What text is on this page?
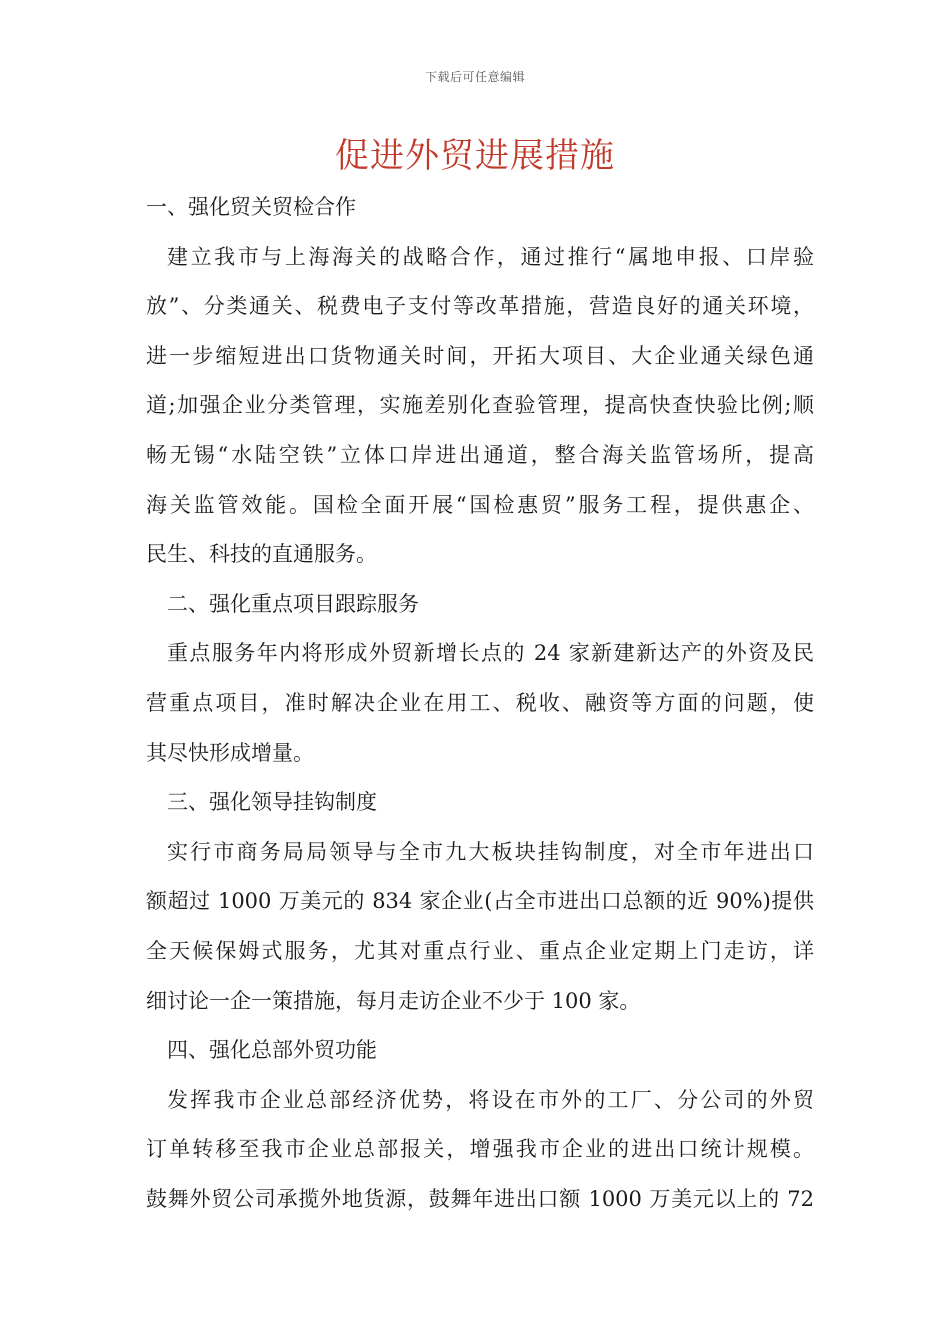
下载后可任意编辑
促进外贸进展措施
一、强化贸关贸检合作
建立我市与上海海关的战略合作，通过推行“属地申报、口岸验
放”、分类通关、税费电子支付等改革措施，营造良好的通关环境，
进一步缩短进出口货物通关时间，开拓大项目、大企业通关绿色通
道;加强企业分类管理，实施差别化查验管理，提高快查快验比例;顺
畅无锡“水陆空铁”立体口岸进出通道，整合海关监管场所，提高
海关监管效能。国检全面开展“国检惠贸”服务工程，提供惠企、
民生、科技的直通服务。
二、强化重点项目跟踪服务
重点服务年内将形成外贸新增长点的 24 家新建新达产的外资及民
营重点项目，准时解决企业在用工、税收、融资等方面的问题，使
其尽快形成增量。
三、强化领导挂钩制度
实行市商务局局领导与全市九大板块挂钩制度，对全市年进出口
额超过 1000 万美元的 834 家企业(占全市进出口总额的近 90%)提供
全天候保姆式服务，尤其对重点行业、重点企业定期上门走访，详
细讨论一企一策措施，每月走访企业不少于 100 家。
四、强化总部外贸功能
发挥我市企业总部经济优势，将设在市外的工厂、分公司的外贸
订单转移至我市企业总部报关，增强我市企业的进出口统计规模。
鼓舞外贸公司承揽外地货源，鼓舞年进出口额 1000 万美元以上的 72
